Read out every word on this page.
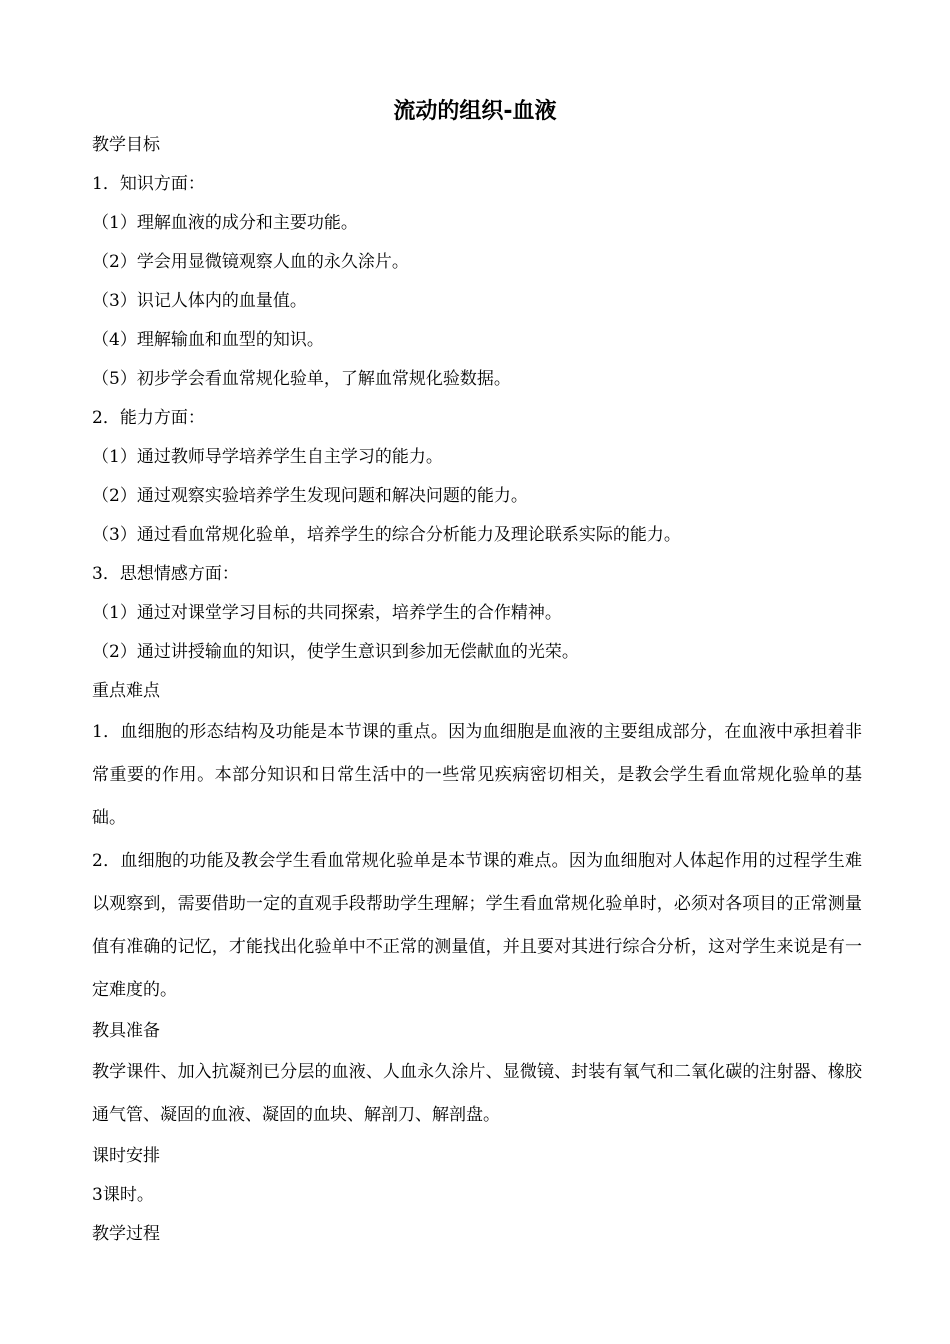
流动的组织-血液
教学目标
1．知识方面：
（1）理解血液的成分和主要功能。
（2）学会用显微镜观察人血的永久涂片。
（3）识记人体内的血量值。
（4）理解输血和血型的知识。
（5）初步学会看血常规化验单，了解血常规化验数据。
2．能力方面：
（1）通过教师导学培养学生自主学习的能力。
（2）通过观察实验培养学生发现问题和解决问题的能力。
（3）通过看血常规化验单，培养学生的综合分析能力及理论联系实际的能力。
3．思想情感方面：
（1）通过对课堂学习目标的共同探索，培养学生的合作精神。
（2）通过讲授输血的知识，使学生意识到参加无偿献血的光荣。
重点难点

1．血细胞的形态结构及功能是本节课的重点。因为血细胞是血液的主要组成部分，在血液中承担着非常重要的作用。本部分知识和日常生活中的一些常见疾病密切相关，是教会学生看血常规化验单的基础。

2．血细胞的功能及教会学生看血常规化验单是本节课的难点。因为血细胞对人体起作用的过程学生难以观察到，需要借助一定的直观手段帮助学生理解；学生看血常规化验单时，必须对各项目的正常测量值有准确的记忆，才能找出化验单中不正常的测量值，并且要对其进行综合分析，这对学生来说是有一定难度的。

教具准备

教学课件、加入抗凝剂已分层的血液、人血永久涂片、显微镜、封装有氧气和二氧化碳的注射器、橡胶通气管、凝固的血液、凝固的血块、解剖刀、解剖盘。

课时安排
3课时。
教学过程
